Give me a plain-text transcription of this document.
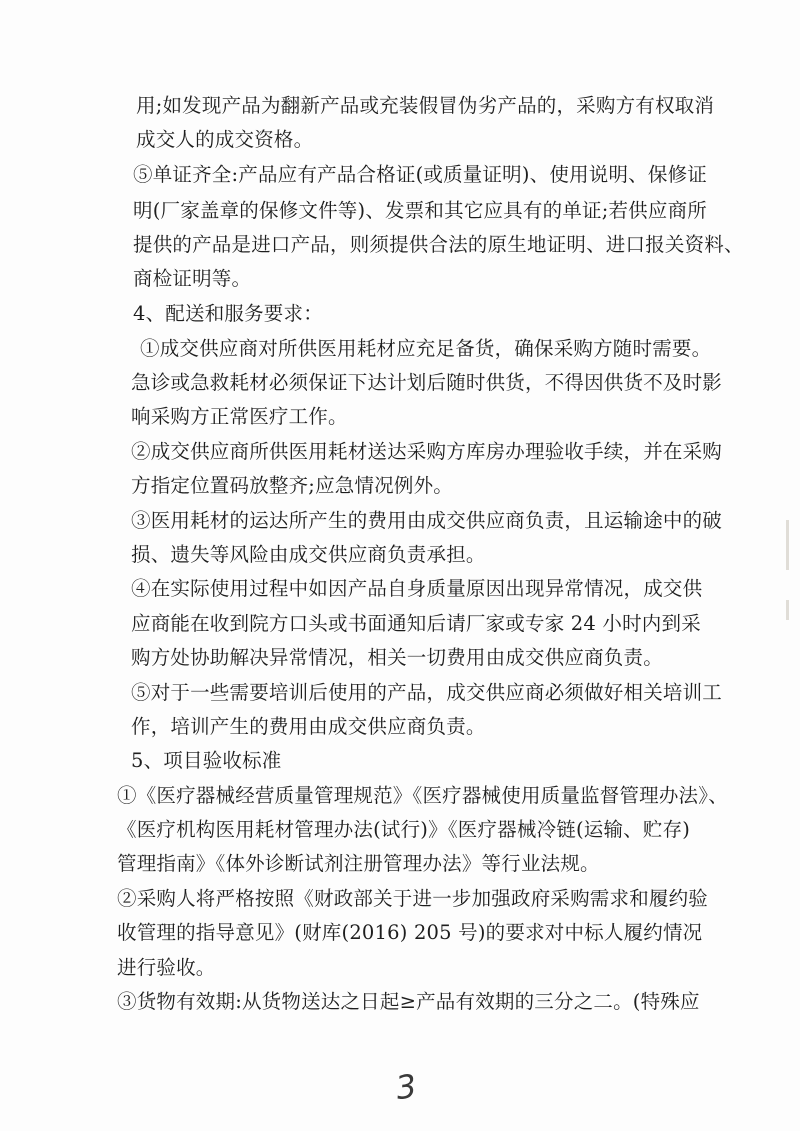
用;如发现产品为翻新产品或充装假冒伪劣产品的，采购方有权取消
成交人的成交资格。
⑤单证齐全:产品应有产品合格证(或质量证明)、使用说明、保修证
明(厂家盖章的保修文件等)、发票和其它应具有的单证;若供应商所
提供的产品是进口产品，则须提供合法的原生地证明、进口报关资料、
商检证明等。
4、配送和服务要求：
①成交供应商对所供医用耗材应充足备货，确保采购方随时需要。
急诊或急救耗材必须保证下达计划后随时供货，不得因供货不及时影
响采购方正常医疗工作。
②成交供应商所供医用耗材送达采购方库房办理验收手续，并在采购
方指定位置码放整齐;应急情况例外。
③医用耗材的运达所产生的费用由成交供应商负责，且运输途中的破
损、遗失等风险由成交供应商负责承担。
④在实际使用过程中如因产品自身质量原因出现异常情况，成交供
应商能在收到院方口头或书面通知后请厂家或专家 24 小时内到采
购方处协助解决异常情况，相关一切费用由成交供应商负责。
⑤对于一些需要培训后使用的产品，成交供应商必须做好相关培训工
作，培训产生的费用由成交供应商负责。
5、项目验收标准
①《医疗器械经营质量管理规范》《医疗器械使用质量监督管理办法》、
《医疗机构医用耗材管理办法(试行)》《医疗器械冷链(运输、贮存)
管理指南》《体外诊断试剂注册管理办法》等行业法规。
②采购人将严格按照《财政部关于进一步加强政府采购需求和履约验
收管理的指导意见》(财库(2016) 205 号)的要求对中标人履约情况
进行验收。
③货物有效期:从货物送达之日起≥产品有效期的三分之二。(特殊应
3
